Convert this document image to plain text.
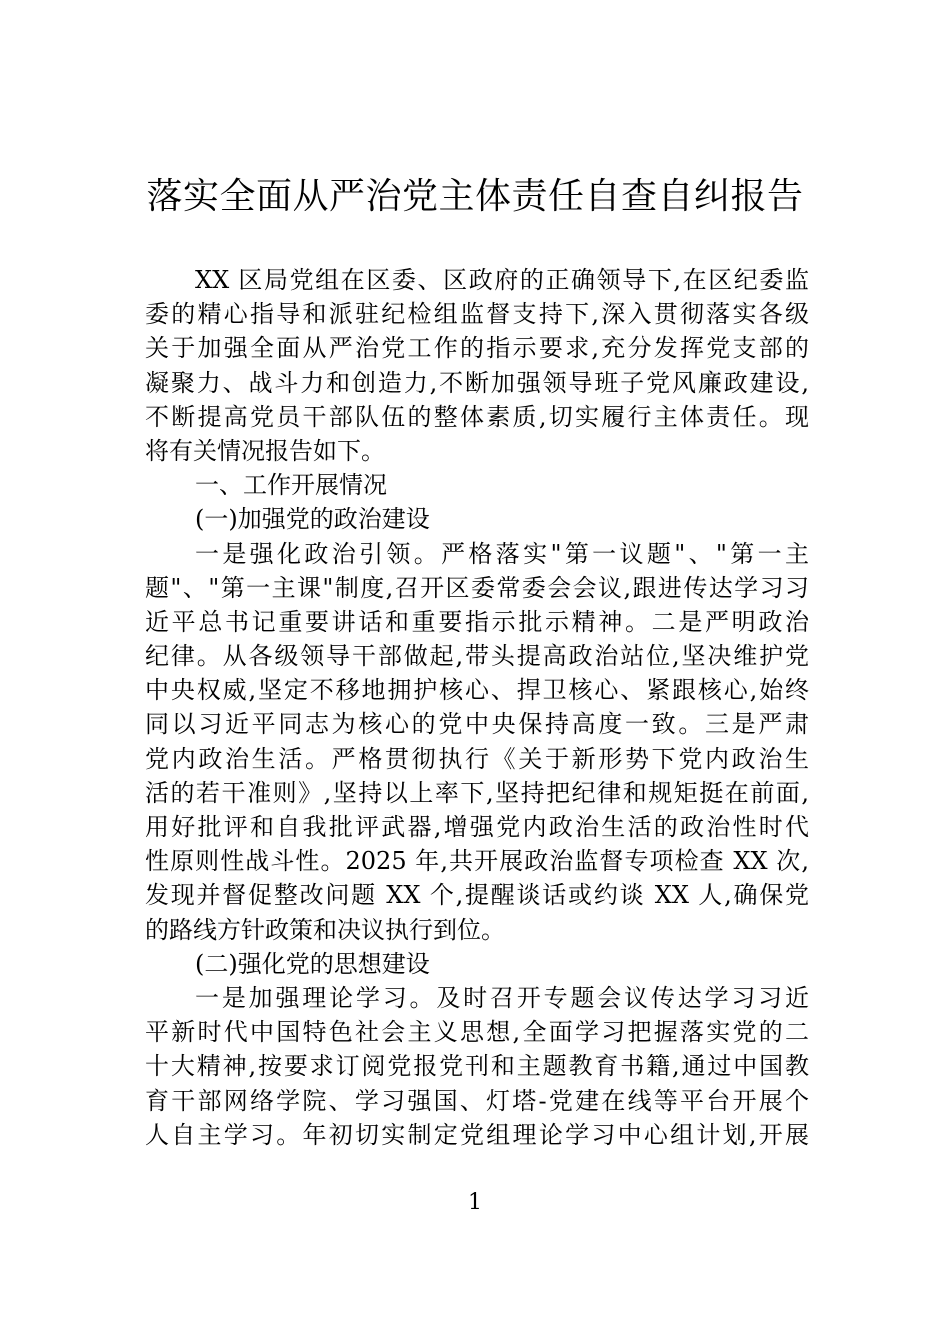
落实全面从严治党主体责任自查自纠报告
XX 区局党组在区委、区政府的正确领导下,在区纪委监
委的精心指导和派驻纪检组监督支持下,深入贯彻落实各级
关于加强全面从严治党工作的指示要求,充分发挥党支部的
凝聚力、战斗力和创造力,不断加强领导班子党风廉政建设,
不断提高党员干部队伍的整体素质,切实履行主体责任。现
将有关情况报告如下。
一、工作开展情况
(一)加强党的政治建设
一是强化政治引领。严格落实"第一议题"、"第一主
题"、"第一主课"制度,召开区委常委会会议,跟进传达学习习
近平总书记重要讲话和重要指示批示精神。二是严明政治
纪律。从各级领导干部做起,带头提高政治站位,坚决维护党
中央权威,坚定不移地拥护核心、捍卫核心、紧跟核心,始终
同以习近平同志为核心的党中央保持高度一致。三是严肃
党内政治生活。严格贯彻执行《关于新形势下党内政治生
活的若干准则》,坚持以上率下,坚持把纪律和规矩挺在前面,
用好批评和自我批评武器,增强党内政治生活的政治性时代
性原则性战斗性。2025 年,共开展政治监督专项检查 XX 次,
发现并督促整改问题 XX 个,提醒谈话或约谈 XX 人,确保党
的路线方针政策和决议执行到位。
(二)强化党的思想建设
一是加强理论学习。及时召开专题会议传达学习习近
平新时代中国特色社会主义思想,全面学习把握落实党的二
十大精神,按要求订阅党报党刊和主题教育书籍,通过中国教
育干部网络学院、学习强国、灯塔-党建在线等平台开展个
人自主学习。年初切实制定党组理论学习中心组计划,开展
1
